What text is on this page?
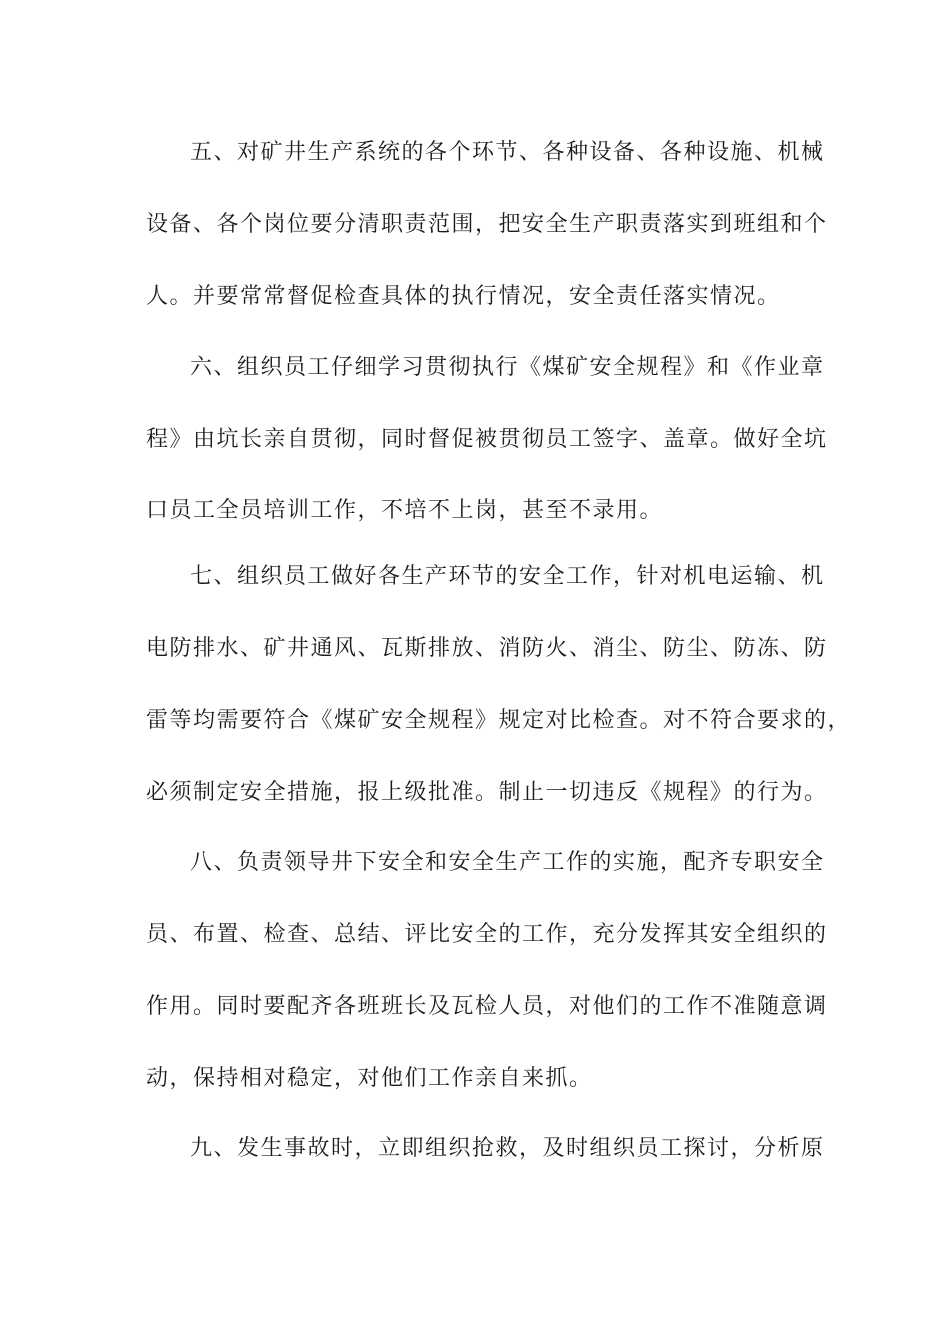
五、对矿井生产系统的各个环节、各种设备、各种设施、机械
设备、各个岗位要分清职责范围，把安全生产职责落实到班组和个
人。并要常常督促检查具体的执行情况，安全责任落实情况。
六、组织员工仔细学习贯彻执行《煤矿安全规程》和《作业章
程》由坑长亲自贯彻，同时督促被贯彻员工签字、盖章。做好全坑
口员工全员培训工作，不培不上岗，甚至不录用。
七、组织员工做好各生产环节的安全工作，针对机电运输、机
电防排水、矿井通风、瓦斯排放、消防火、消尘、防尘、防冻、防
雷等均需要符合《煤矿安全规程》规定对比检查。对不符合要求的，
必须制定安全措施，报上级批准。制止一切违反《规程》的行为。
八、负责领导井下安全和安全生产工作的实施，配齐专职安全
员、布置、检查、总结、评比安全的工作，充分发挥其安全组织的
作用。同时要配齐各班班长及瓦检人员，对他们的工作不准随意调
动，保持相对稳定，对他们工作亲自来抓。
九、发生事故时，立即组织抢救，及时组织员工探讨，分析原
